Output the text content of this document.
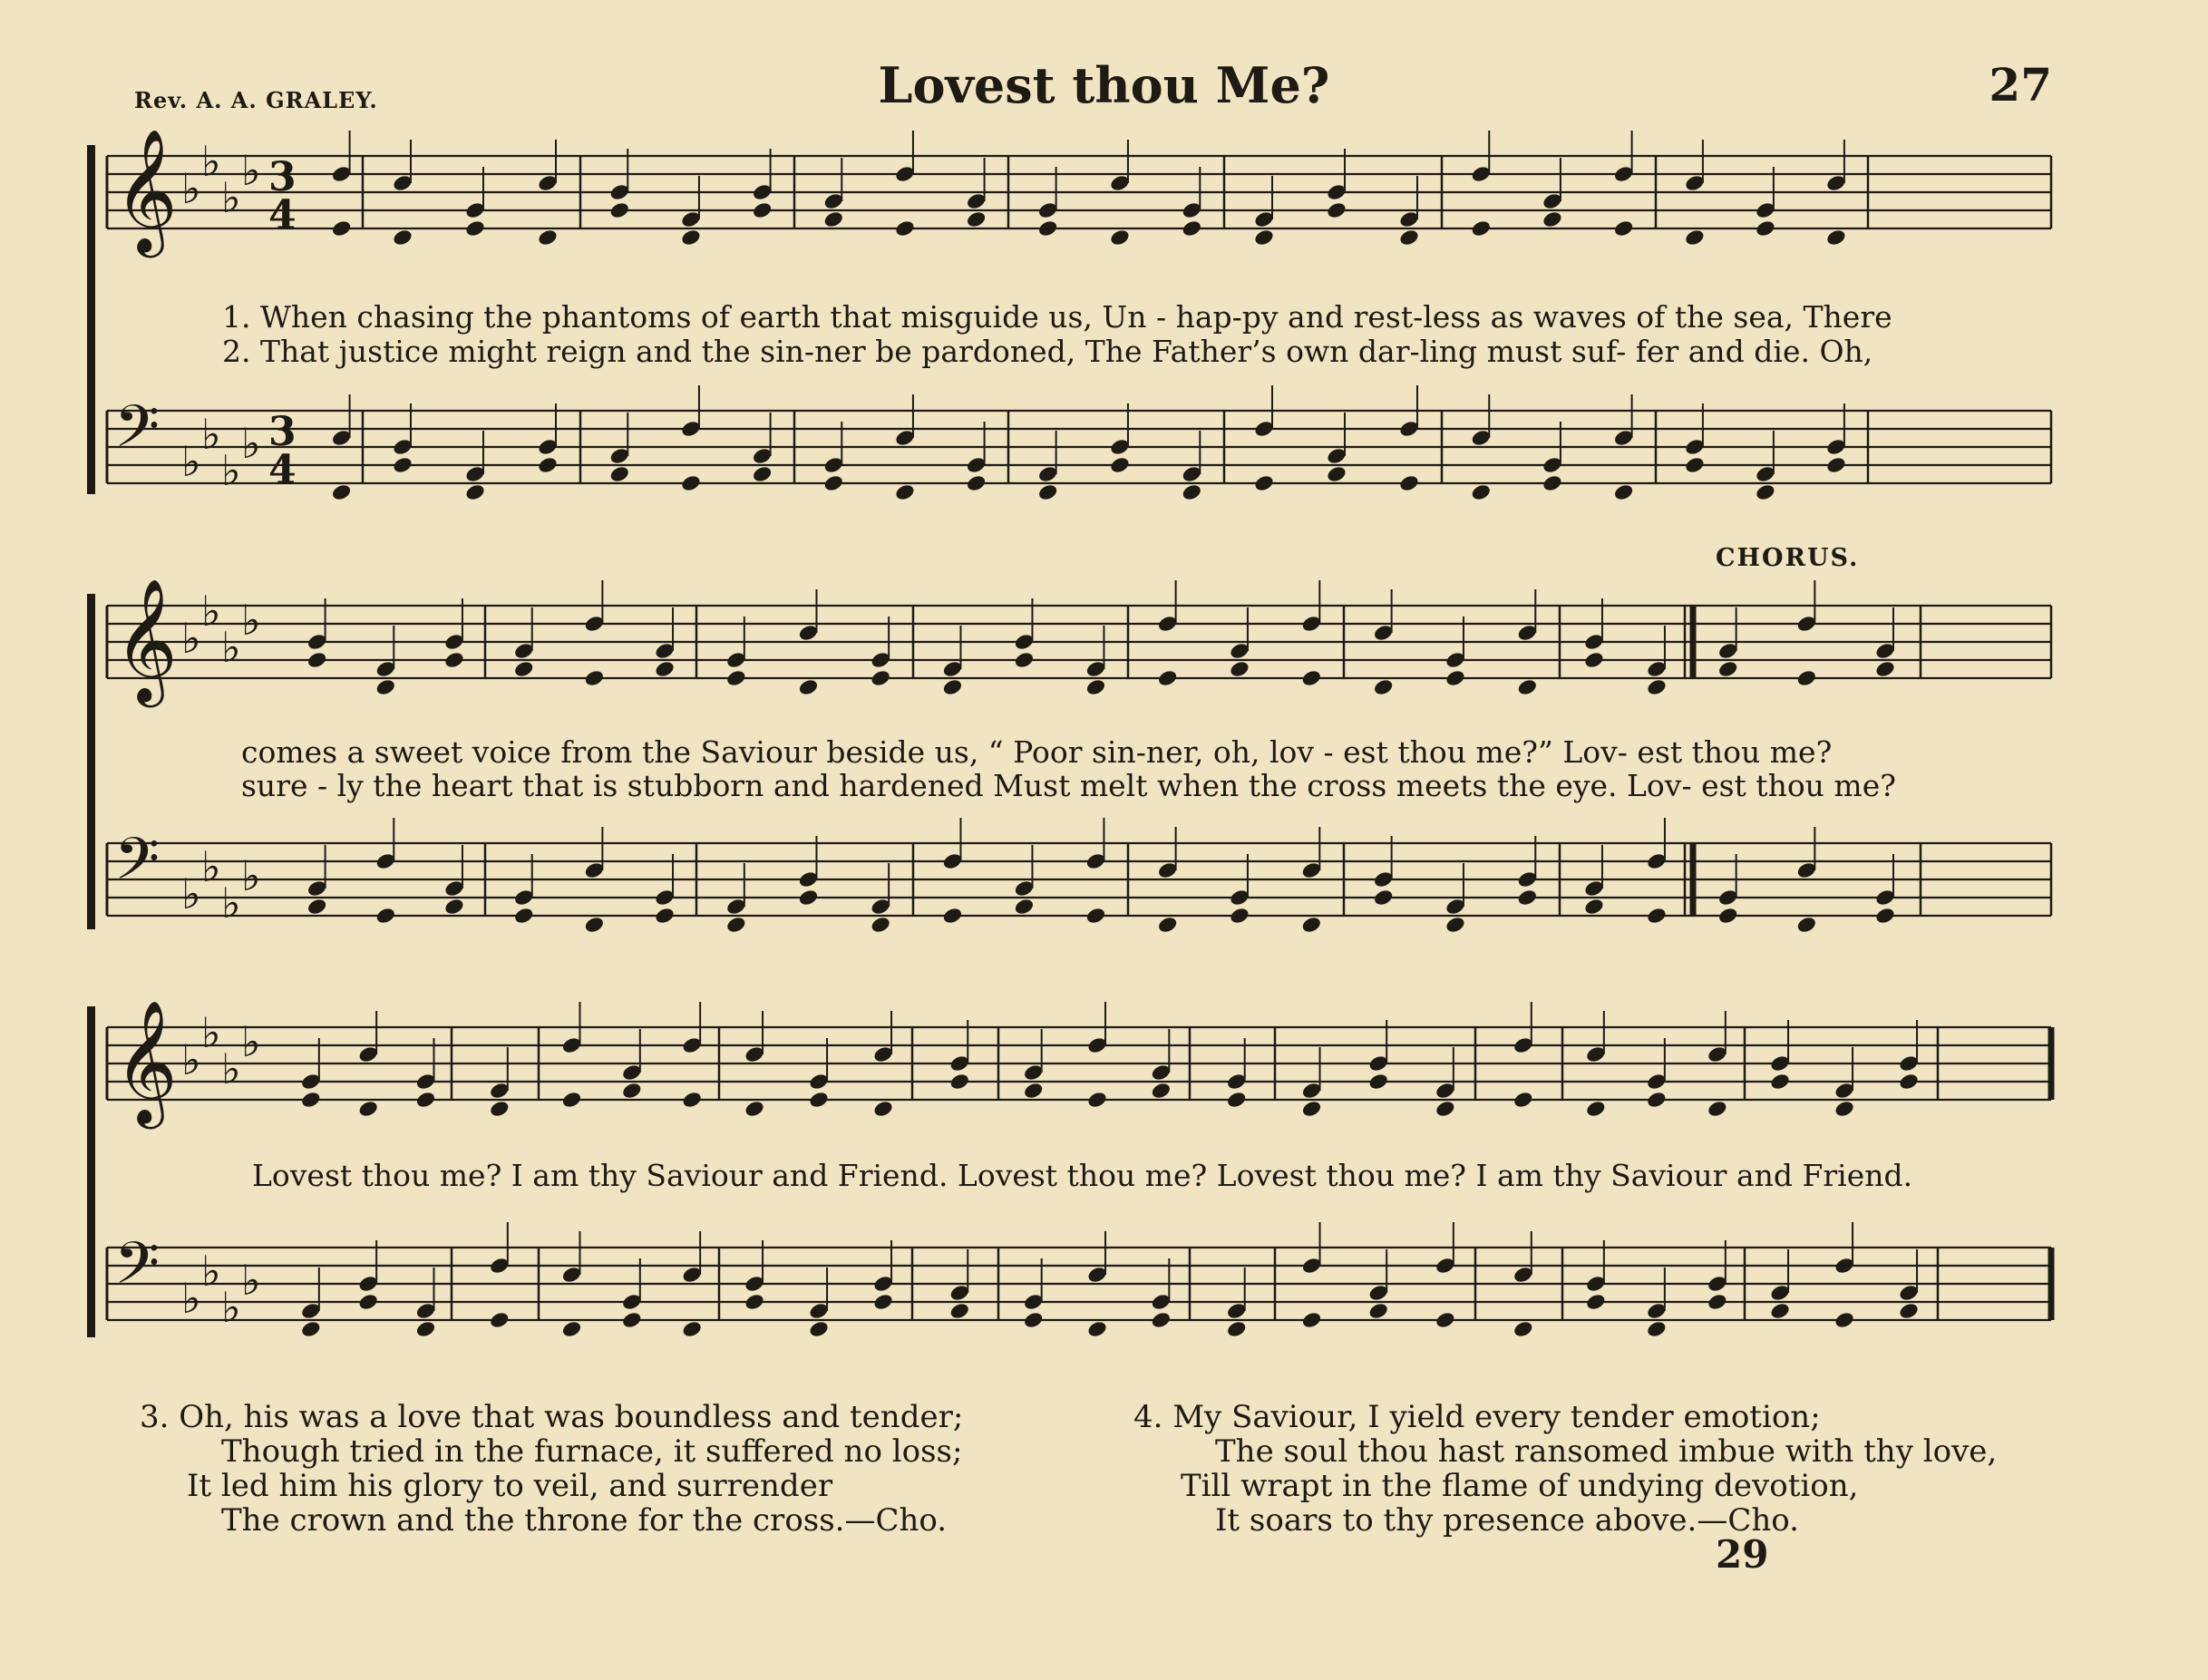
Rev. A. A. GRALEY.	Lovest thou Me?	27
𝄞 ♭
♭
♭
♭ 3
4
𝄢 ♭
♭
♭
♭ 3
4
𝄞 ♭
♭
♭
♭
𝄢 ♭
♭
♭
♭
𝄞 ♭
♭
♭
♭
𝄢 ♭
♭
♭
♭
1. When chasing the phantoms of earth that misguide us, Un - hap-py and rest-less as waves of the sea, There
2. That justice might reign and the sin-ner be pardoned, The Father’s own dar-ling must suf- fer and die. Oh,
CHORUS.
comes a sweet voice from the Saviour beside us, “ Poor sin-ner, oh, lov - est thou me?” Lov- est thou me?
sure - ly the heart that is stubborn and hardened Must melt when the cross meets the eye. Lov- est thou me?
Lovest thou me? I am thy Saviour and Friend. Lovest thou me? Lovest thou me? I am thy Saviour and Friend.
3. Oh, his was a love that was boundless and tender;
Though tried in the furnace, it suffered no loss;
It led him his glory to veil, and surrender
The crown and the throne for the cross.—Cho.
4. My Saviour, I yield every tender emotion;
The soul thou hast ransomed imbue with thy love,
Till wrapt in the flame of undying devotion,
It soars to thy presence above.—Cho.
29
